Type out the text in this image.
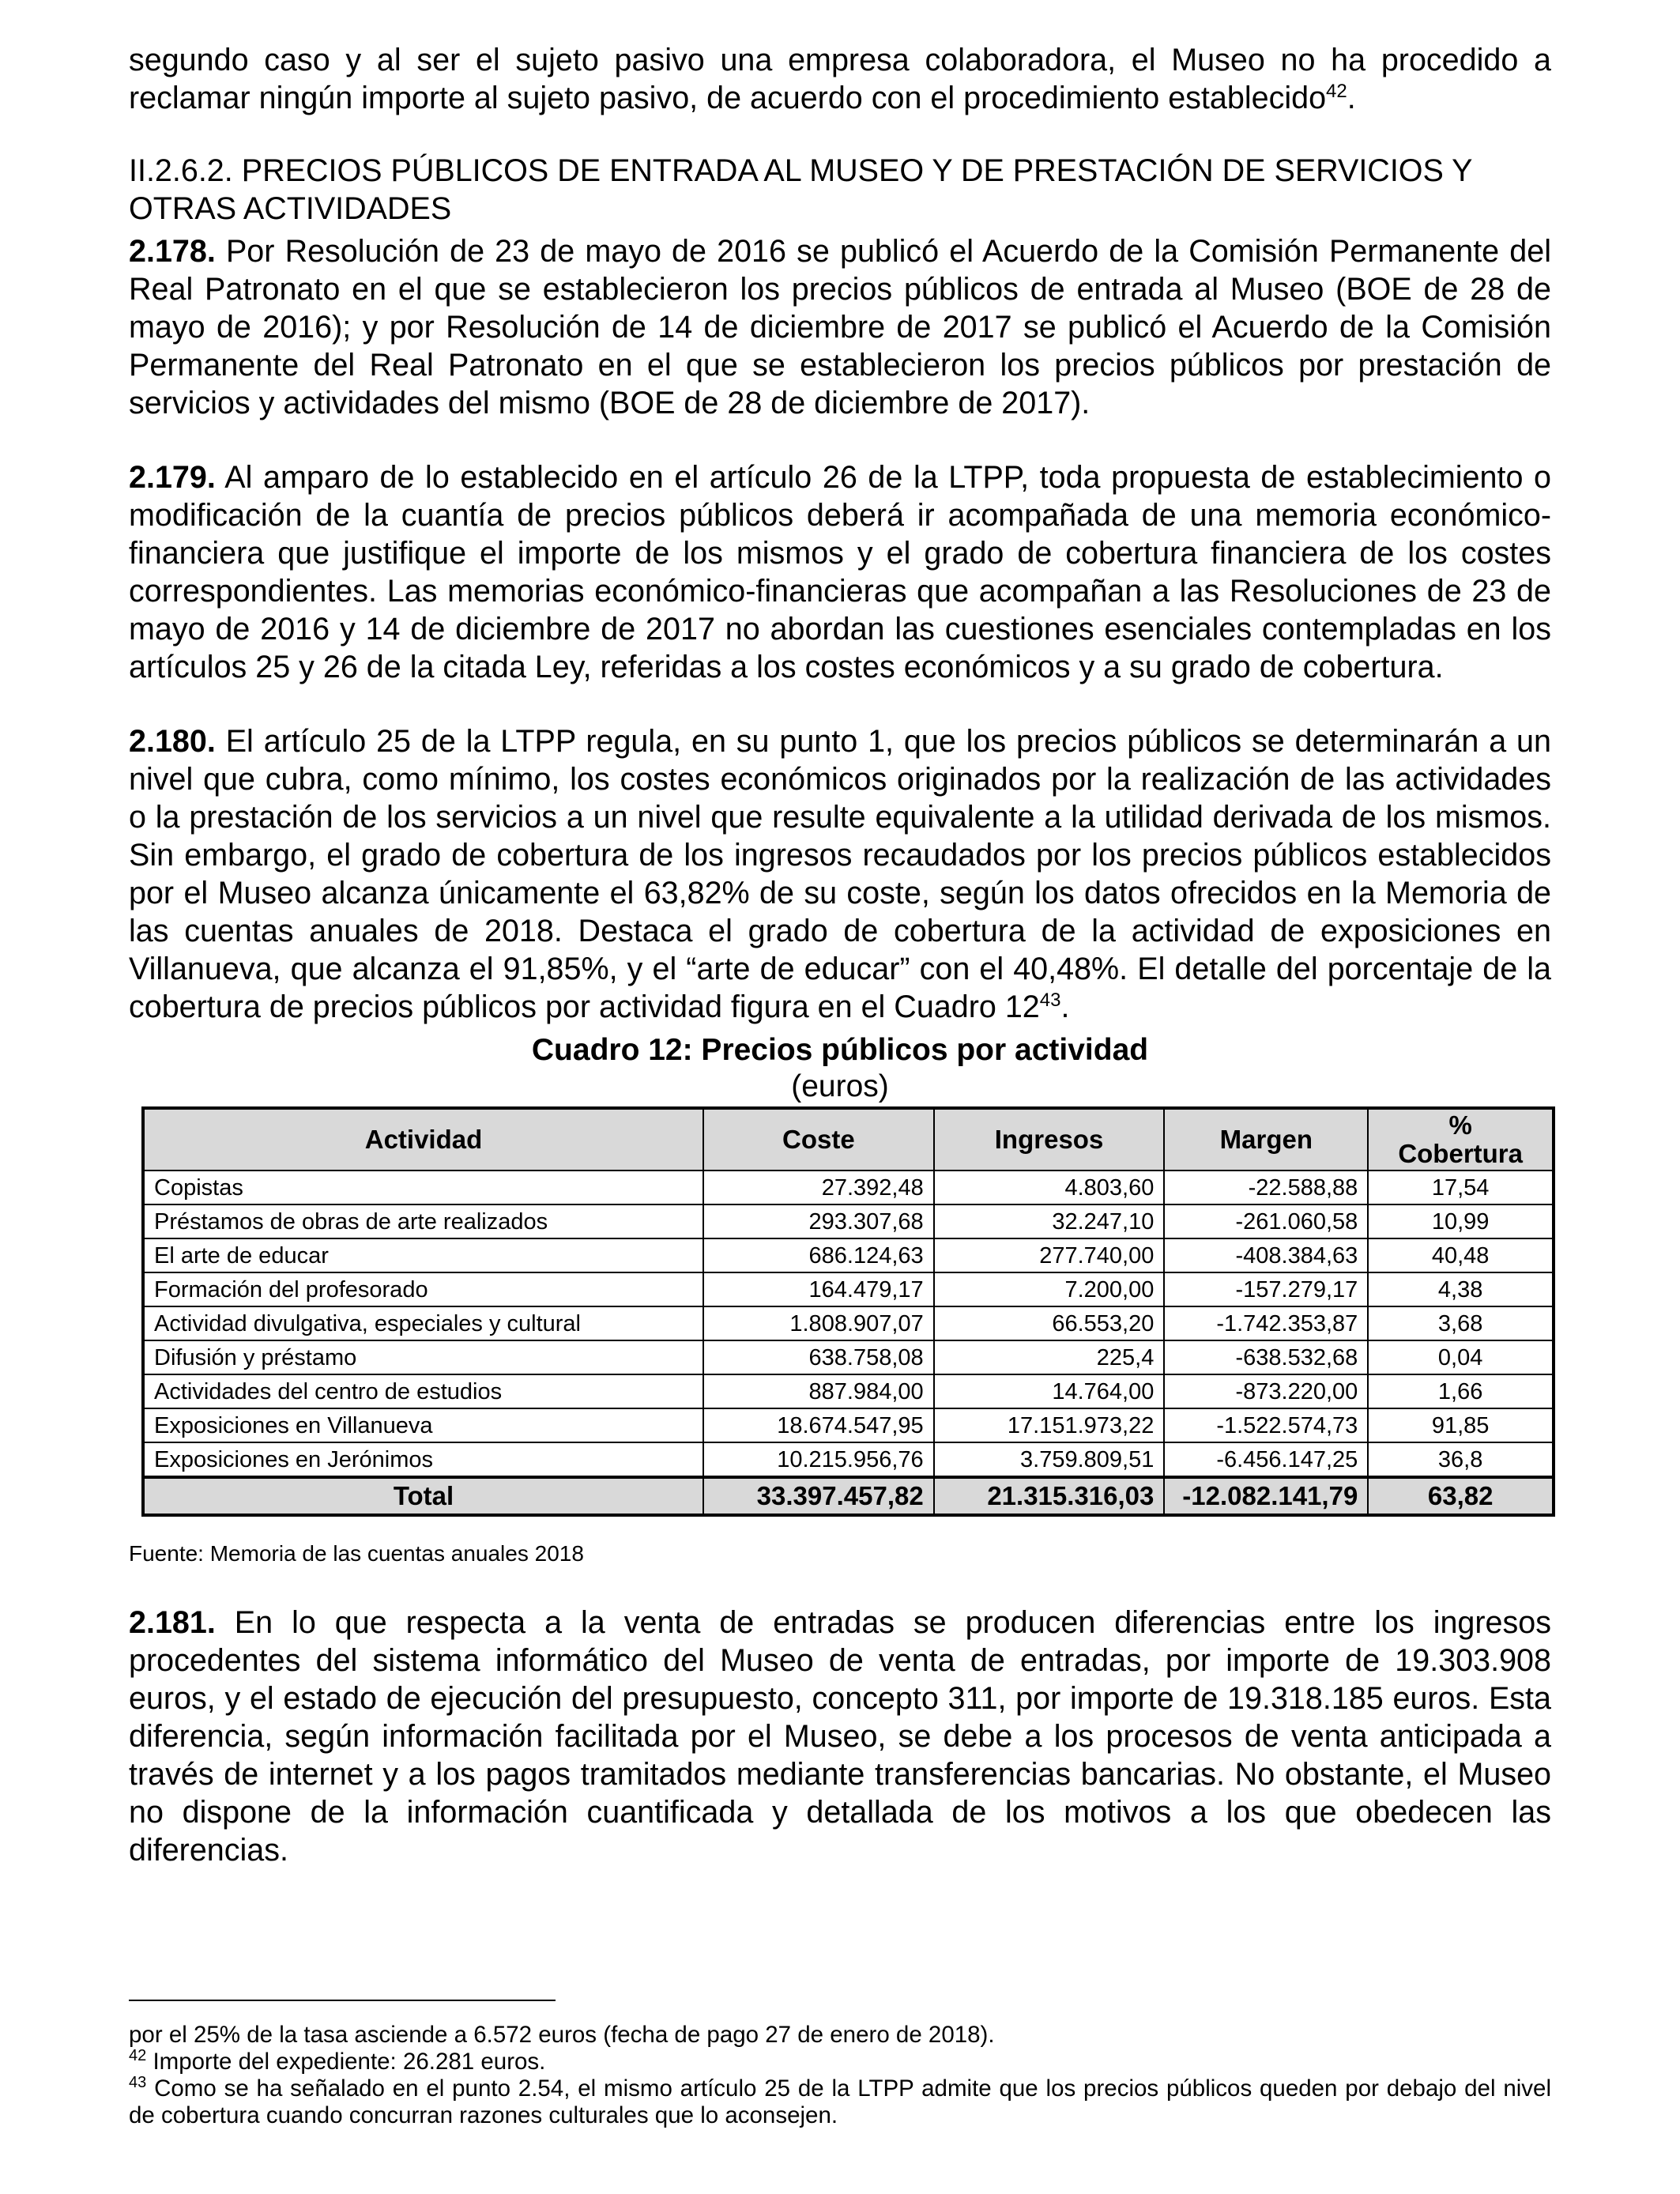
segundo caso y al ser el sujeto pasivo una empresa colaboradora, el Museo no ha procedido a reclamar ningún importe al sujeto pasivo, de acuerdo con el procedimiento establecido$^{42}$.

II.2.6.2. PRECIOS PÚBLICOS DE ENTRADA AL MUSEO Y DE PRESTACIÓN DE SERVICIOS Y OTRAS ACTIVIDADES

2.178. Por Resolución de 23 de mayo de 2016 se publicó el Acuerdo de la Comisión Permanente del Real Patronato en el que se establecieron los precios públicos de entrada al Museo (BOE de 28 de mayo de 2016); y por Resolución de 14 de diciembre de 2017 se publicó el Acuerdo de la Comisión Permanente del Real Patronato en el que se establecieron los precios públicos por prestación de servicios y actividades del mismo (BOE de 28 de diciembre de 2017).

2.179. Al amparo de lo establecido en el artículo 26 de la LTPP, toda propuesta de establecimiento o modificación de la cuantía de precios públicos deberá ir acompañada de una memoria económico-financiera que justifique el importe de los mismos y el grado de cobertura financiera de los costes correspondientes. Las memorias económico-financieras que acompañan a las Resoluciones de 23 de mayo de 2016 y 14 de diciembre de 2017 no abordan las cuestiones esenciales contempladas en los artículos 25 y 26 de la citada Ley, referidas a los costes económicos y a su grado de cobertura.

2.180. El artículo 25 de la LTPP regula, en su punto 1, que los precios públicos se determinarán a un nivel que cubra, como mínimo, los costes económicos originados por la realización de las actividades o la prestación de los servicios a un nivel que resulte equivalente a la utilidad derivada de los mismos. Sin embargo, el grado de cobertura de los ingresos recaudados por los precios públicos establecidos por el Museo alcanza únicamente el 63,82% de su coste, según los datos ofrecidos en la Memoria de las cuentas anuales de 2018. Destaca el grado de cobertura de la actividad de exposiciones en Villanueva, que alcanza el 91,85%, y el “arte de educar” con el 40,48%. El detalle del porcentaje de la cobertura de precios públicos por actividad figura en el Cuadro $12^{43}$.

Cuadro 12: Precios públicos por actividad
(euros)
Actividad	Coste	Ingresos	Margen	%
Cobertura
Copistas	27.392,48	4.803,60	-22.588,88	17,54
Préstamos de obras de arte realizados	293.307,68	32.247,10	-261.060,58	10,99
El arte de educar	686.124,63	277.740,00	-408.384,63	40,48
Formación del profesorado	164.479,17	7.200,00	-157.279,17	4,38
Actividad divulgativa, especiales y cultural	1.808.907,07	66.553,20	-1.742.353,87	3,68
Difusión y préstamo	638.758,08	225,4	-638.532,68	0,04
Actividades del centro de estudios	887.984,00	14.764,00	-873.220,00	1,66
Exposiciones en Villanueva	18.674.547,95	17.151.973,22	-1.522.574,73	91,85
Exposiciones en Jerónimos	10.215.956,76	3.759.809,51	-6.456.147,25	36,8
Total	33.397.457,82	21.315.316,03	-12.082.141,79	63,82
Fuente: Memoria de las cuentas anuales 2018

2.181. En lo que respecta a la venta de entradas se producen diferencias entre los ingresos procedentes del sistema informático del Museo de venta de entradas, por importe de 19.303.908 euros, y el estado de ejecución del presupuesto, concepto 311, por importe de 19.318.185 euros. Esta diferencia, según información facilitada por el Museo, se debe a los procesos de venta anticipada a través de internet y a los pagos tramitados mediante transferencias bancarias. No obstante, el Museo no dispone de la información cuantificada y detallada de los motivos a los que obedecen las diferencias.

por el 25% de la tasa asciende a 6.572 euros (fecha de pago 27 de enero de 2018).

$^{42}$ Importe del expediente: 26.281 euros.

$^{43}$ Como se ha señalado en el punto 2.54, el mismo artículo 25 de la LTPP admite que los precios públicos queden por debajo del nivel de cobertura cuando concurran razones culturales que lo aconsejen.
